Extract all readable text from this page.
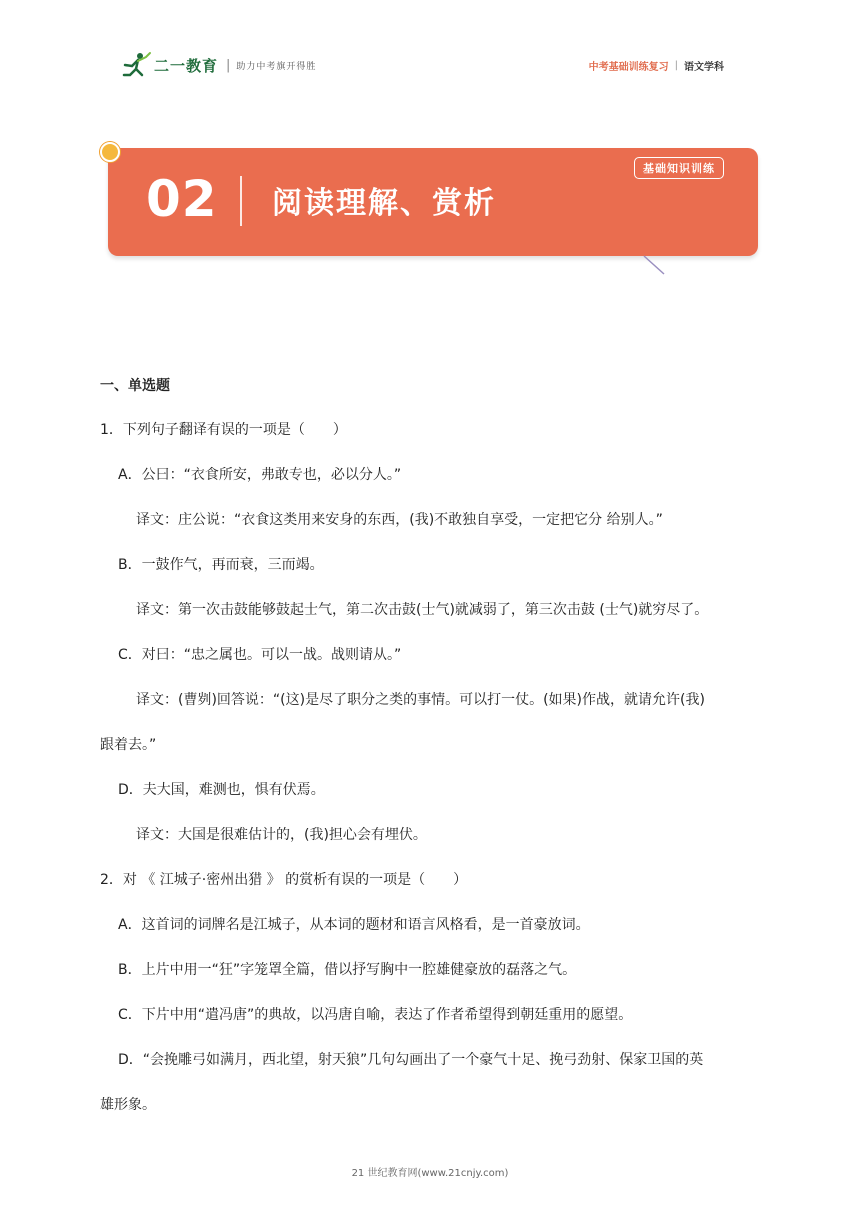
二一教育 | 助力中考旗开得胜	中考基础训练复习 | 语文学科
02 阅读理解、赏析
基础知识训练
一、单选题
1．下列句子翻译有误的一项是（　　）
A．公曰：“衣食所安，弗敢专也，必以分人。”
译文：庄公说：“衣食这类用来安身的东西，(我)不敢独自享受，一定把它分 给别人。”
B．一鼓作气，再而衰，三而竭。
译文：第一次击鼓能够鼓起士气，第二次击鼓(士气)就减弱了，第三次击鼓 (士气)就穷尽了。
C．对曰：“忠之属也。可以一战。战则请从。”
译文：(曹刿)回答说：“(这)是尽了职分之类的事情。可以打一仗。(如果)作战，就请允许(我)
跟着去。”
D．夫大国，难测也，惧有伏焉。
译文：大国是很难估计的，(我)担心会有埋伏。
2．对 《 江城子·密州出猎 》 的赏析有误的一项是（　　）
A．这首词的词牌名是江城子，从本词的题材和语言风格看，是一首豪放词。
B．上片中用一“狂”字笼罩全篇，借以抒写胸中一腔雄健豪放的磊落之气。
C．下片中用“遣冯唐”的典故，以冯唐自喻，表达了作者希望得到朝廷重用的愿望。
D．“会挽雕弓如满月，西北望，射天狼”几句勾画出了一个豪气十足、挽弓劲射、保家卫国的英
雄形象。
21 世纪教育网(www.21cnjy.com)
